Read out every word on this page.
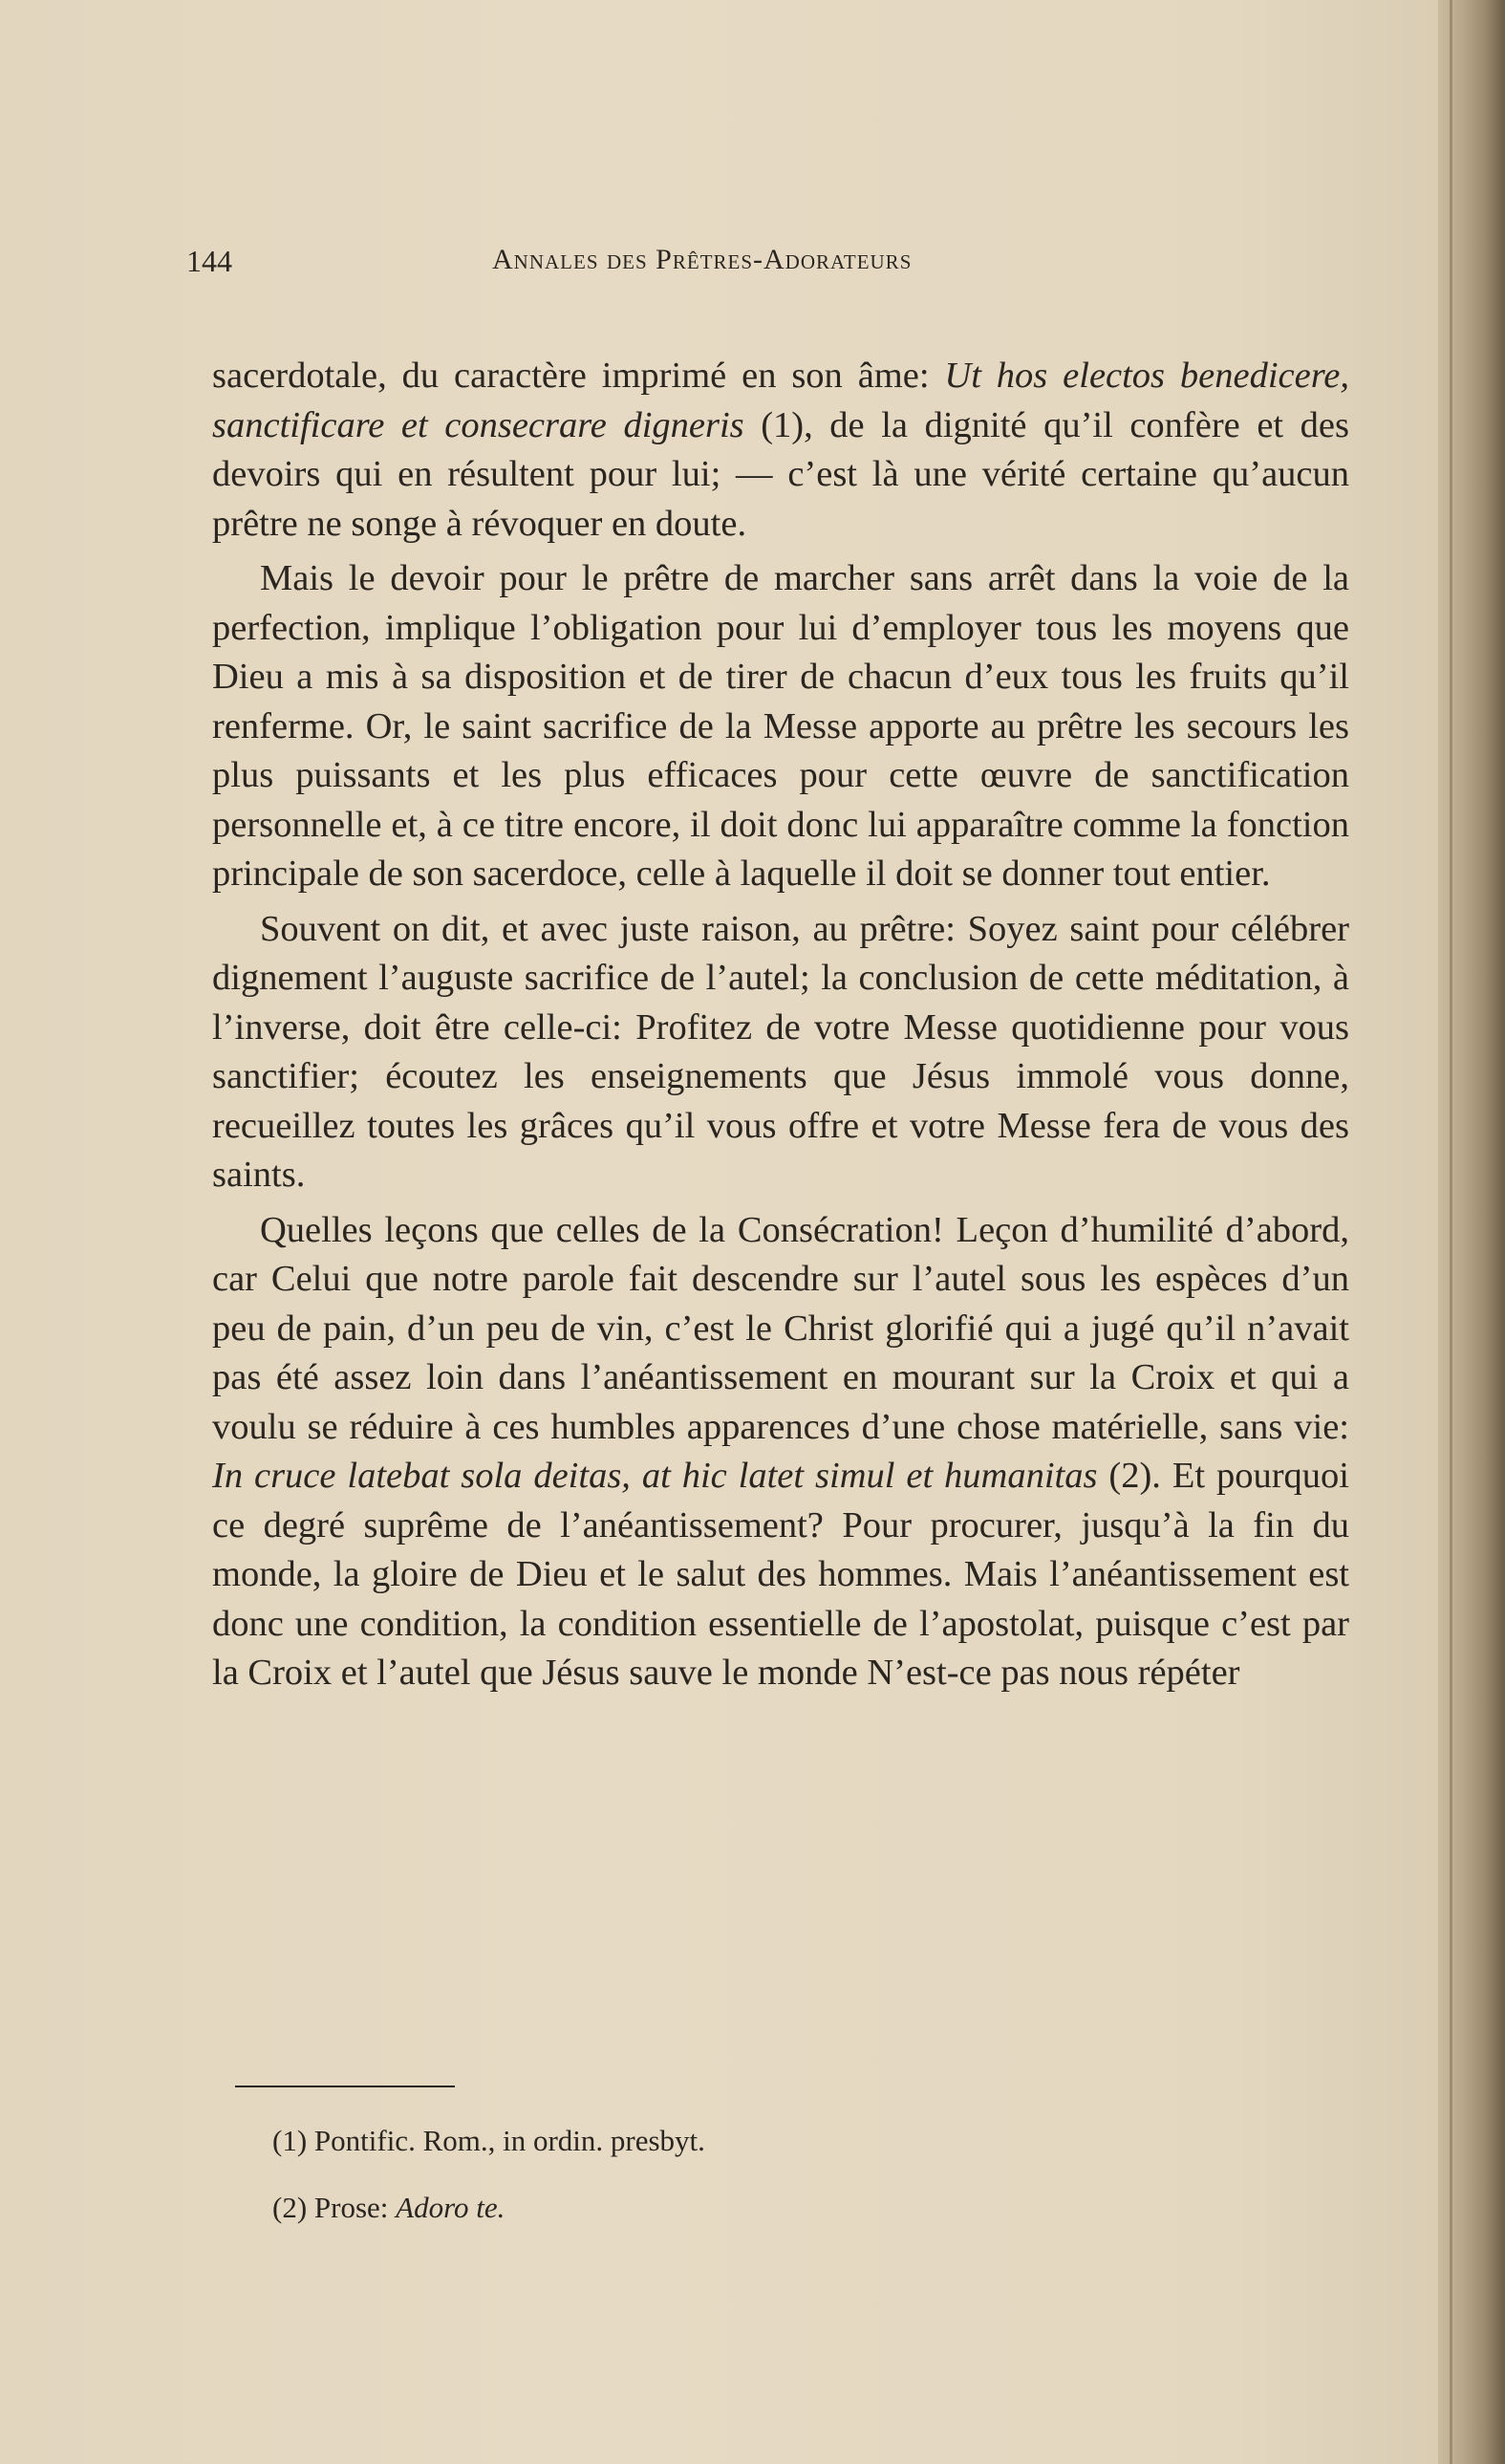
144	Annales des Prêtres-Adorateurs

sacerdotale, du caractère imprimé en son âme: Ut hos electos benedicere, sanctificare et consecrare digneris (1), de la dignité qu’il confère et des devoirs qui en résultent pour lui; — c’est là une vérité certaine qu’aucun prêtre ne songe à révoquer en doute.

Mais le devoir pour le prêtre de marcher sans arrêt dans la voie de la perfection, implique l’obligation pour lui d’employer tous les moyens que Dieu a mis à sa disposition et de tirer de chacun d’eux tous les fruits qu’il renferme. Or, le saint sacrifice de la Messe apporte au prêtre les secours les plus puissants et les plus efficaces pour cette œuvre de sanctification personnelle et, à ce titre encore, il doit donc lui apparaître comme la fonction principale de son sacerdoce, celle à laquelle il doit se donner tout entier.

Souvent on dit, et avec juste raison, au prêtre: Soyez saint pour célébrer dignement l’auguste sacrifice de l’autel; la conclusion de cette méditation, à l’inverse, doit être celle-ci: Profitez de votre Messe quotidienne pour vous sanctifier; écoutez les enseignements que Jésus immolé vous donne, recueillez toutes les grâces qu’il vous offre et votre Messe fera de vous des saints.

Quelles leçons que celles de la Consécration! Leçon d’humilité d’abord, car Celui que notre parole fait descendre sur l’autel sous les espèces d’un peu de pain, d’un peu de vin, c’est le Christ glorifié qui a jugé qu’il n’avait pas été assez loin dans l’anéantissement en mourant sur la Croix et qui a voulu se réduire à ces humbles apparences d’une chose matérielle, sans vie: In cruce latebat sola deitas, at hic latet simul et humanitas (2). Et pourquoi ce degré suprême de l’anéantissement? Pour procurer, jusqu’à la fin du monde, la gloire de Dieu et le salut des hommes. Mais l’anéantissement est donc une condition, la condition essentielle de l’apostolat, puisque c’est par la Croix et l’autel que Jésus sauve le monde N’est-ce pas nous répéter

(1) Pontific. Rom., in ordin. presbyt.
(2) Prose: Adoro te.
